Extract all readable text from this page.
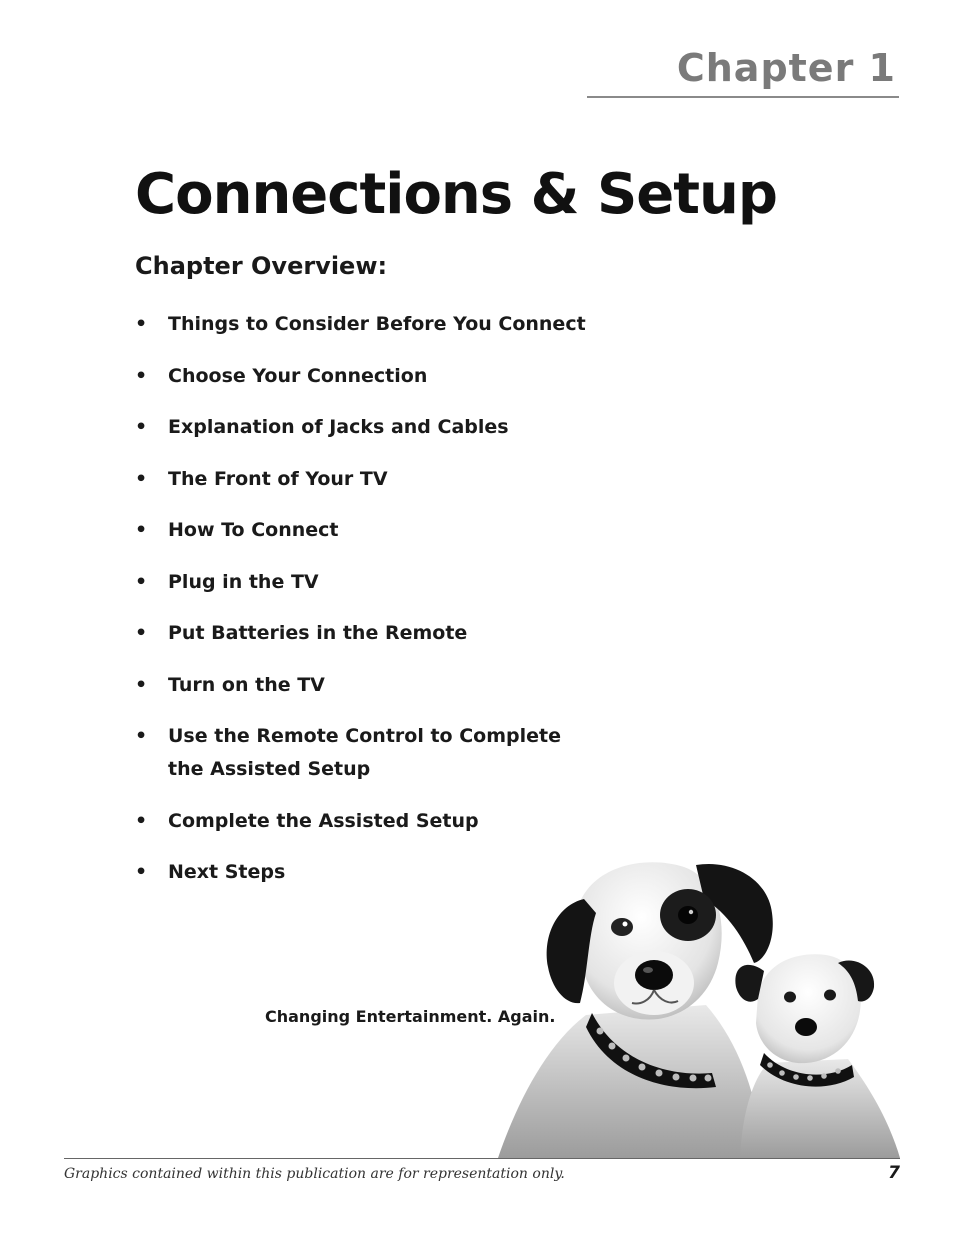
Chapter 1
Connections & Setup
Chapter Overview:
• Things to Consider Before You Connect
• Choose Your Connection
• Explanation of Jacks and Cables
• The Front of Your TV
• How To Connect
• Plug in the TV
• Put Batteries in the Remote
• Turn on the TV
• Use the Remote Control to Complete
the Assisted Setup
• Complete the Assisted Setup
• Next Steps

Changing Entertainment. Again.

Graphics contained within this publication are for representation only.	7
